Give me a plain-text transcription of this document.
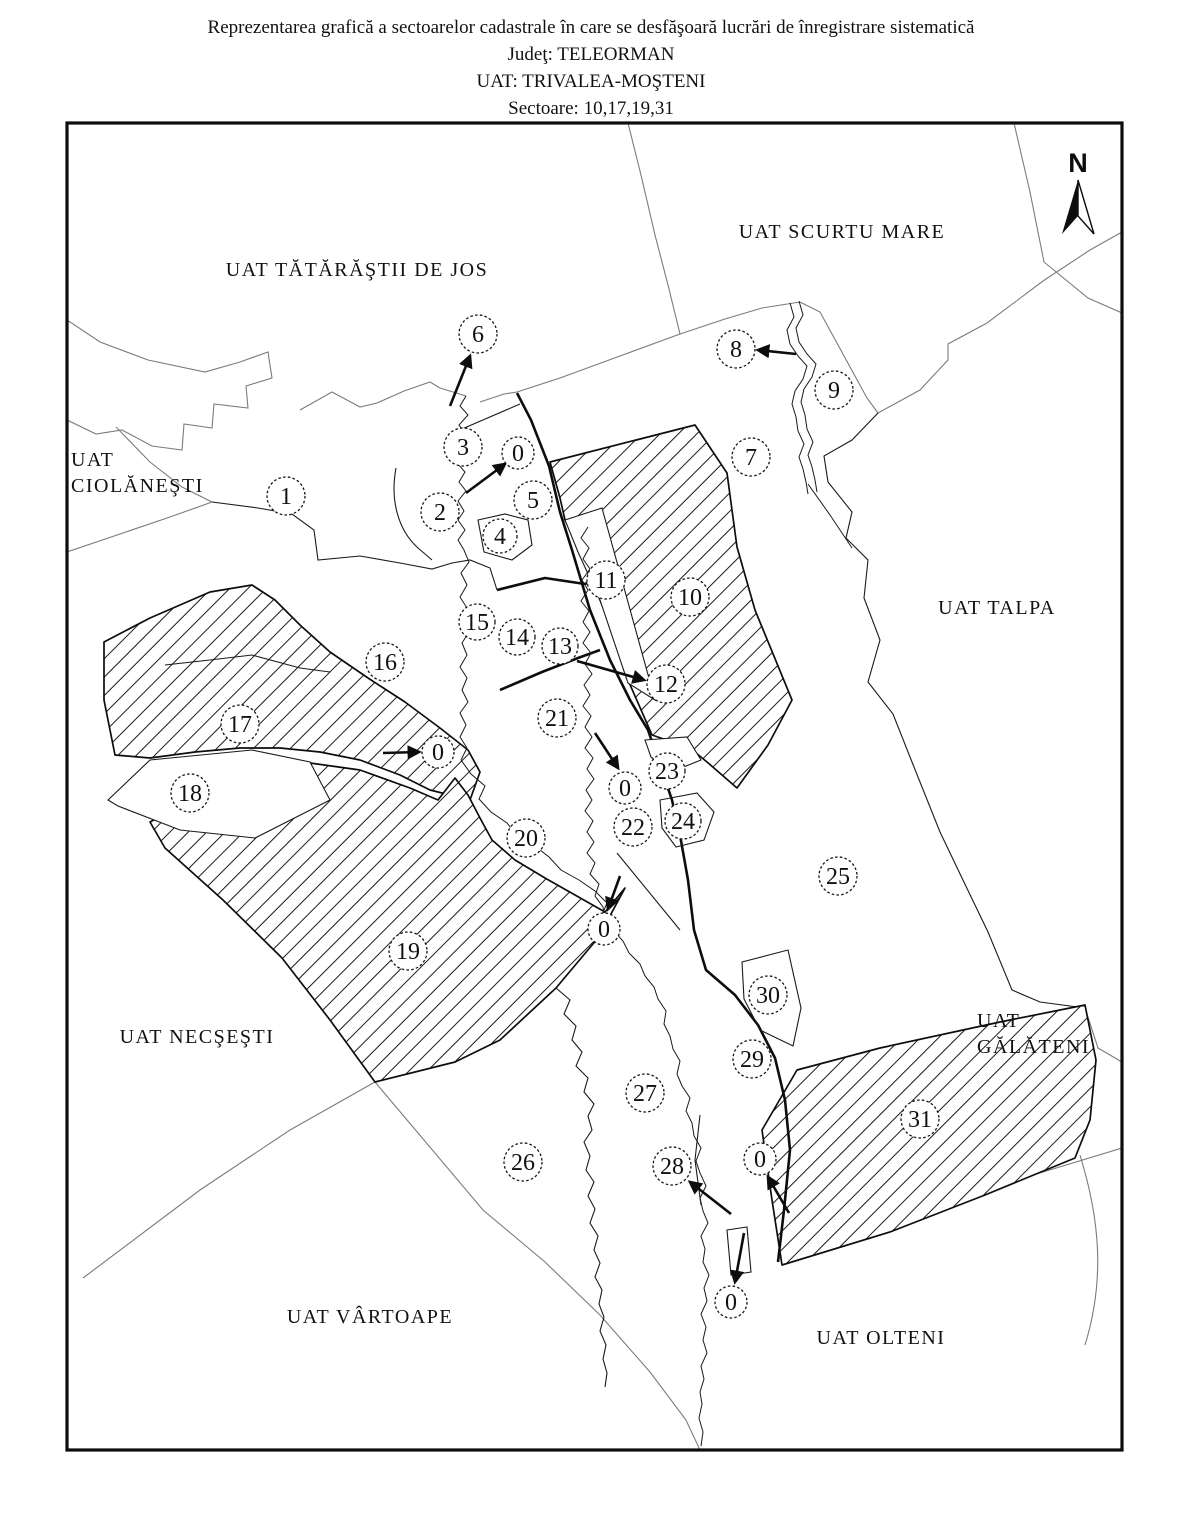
Reprezentarea grafică a sectoarelor cadastrale în care se desfăşoară lucrări de înregistrare sistematică
Judeţ: TELEORMAN
UAT: TRIVALEA-MOŞTENI
Sectoare: 10,17,19,31
UAT TĂTĂRĂŞTII DE JOS
UAT SCURTU MARE
UAT CIOLĂNEŞTI
UAT TALPA
UAT NECŞEŞTI
UAT GĂLĂTENI
UAT VÂRTOAPE
UAT OLTENI
1
2
3
4
5
6
7
8
9
10
11
12
13
14
15
16
17
18
19
20
21
22
23
24
25
26
27
28
29
30
31
0
0
0
0
0
0
N
